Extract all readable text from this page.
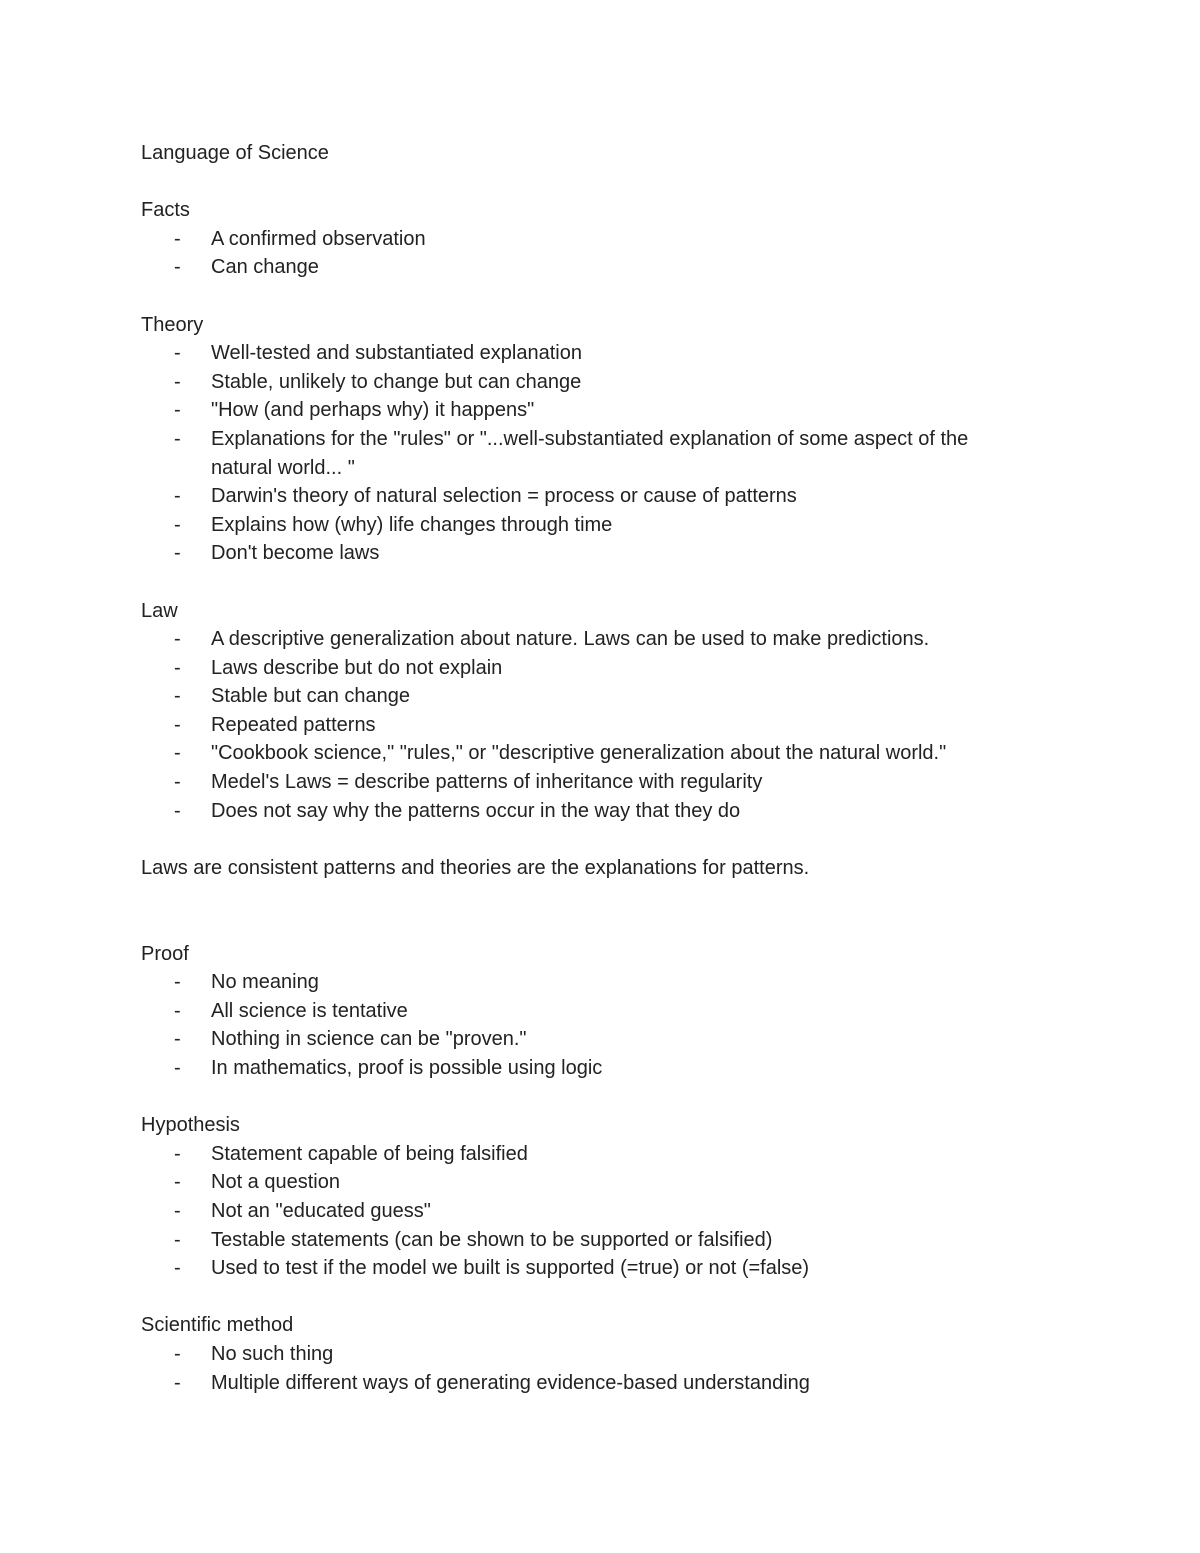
Language of Science

Facts

- A confirmed observation
- Can change

Theory

- Well-tested and substantiated explanation
- Stable, unlikely to change but can change
- "How (and perhaps why) it happens"
- Explanations for the "rules" or "...well-substantiated explanation of some aspect of the
natural world... "
- Darwin's theory of natural selection = process or cause of patterns
- Explains how (why) life changes through time
- Don't become laws

Law

- A descriptive generalization about nature. Laws can be used to make predictions.
- Laws describe but do not explain
- Stable but can change
- Repeated patterns
- "Cookbook science," "rules," or "descriptive generalization about the natural world."
- Medel's Laws = describe patterns of inheritance with regularity
- Does not say why the patterns occur in the way that they do

Laws are consistent patterns and theories are the explanations for patterns.

Proof

- No meaning
- All science is tentative
- Nothing in science can be "proven."
- In mathematics, proof is possible using logic

Hypothesis

- Statement capable of being falsified
- Not a question
- Not an "educated guess"
- Testable statements (can be shown to be supported or falsified)
- Used to test if the model we built is supported (=true) or not (=false)

Scientific method

- No such thing
- Multiple different ways of generating evidence-based understanding
